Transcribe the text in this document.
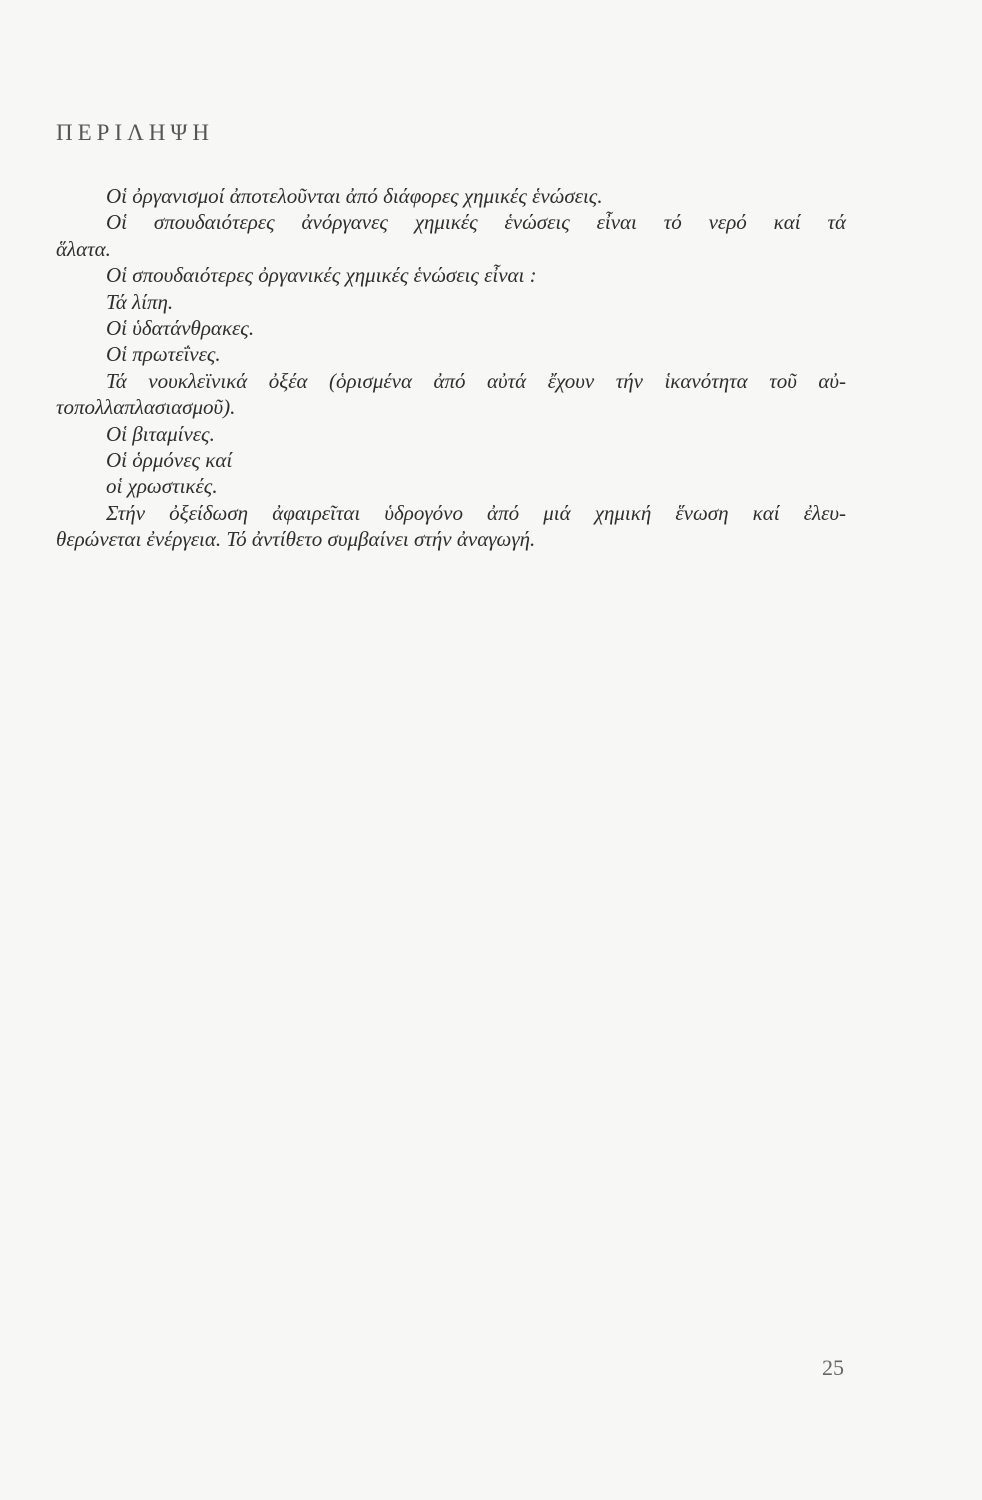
ΠΕΡΙΛΗΨΗ
Οἱ ὀργανισμοί ἀποτελοῦνται ἀπό διάφορες χημικές ἑνώσεις.
Οἱ σπουδαιότερες ἀνόργανες χημικές ἑνώσεις εἶναι τό νερό καί τά
ἅλατα.
Οἱ σπουδαιότερες ὀργανικές χημικές ἑνώσεις εἶναι :
Τά λίπη.
Οἱ ὑδατάνθρακες.
Οἱ πρωτεΐνες.
Τά νουκλεϊνικά ὀξέα (ὁρισμένα ἀπό αὐτά ἔχουν τήν ἱκανότητα τοῦ αὐ-
τοπολλαπλασιασμοῦ).
Οἱ βιταμίνες.
Οἱ ὁρμόνες καί
οἱ χρωστικές.
Στήν ὀξείδωση ἀφαιρεῖται ὑδρογόνο ἀπό μιά χημική ἕνωση καί ἐλευ-
θερώνεται ἐνέργεια. Τό ἀντίθετο συμβαίνει στήν ἀναγωγή.
25
